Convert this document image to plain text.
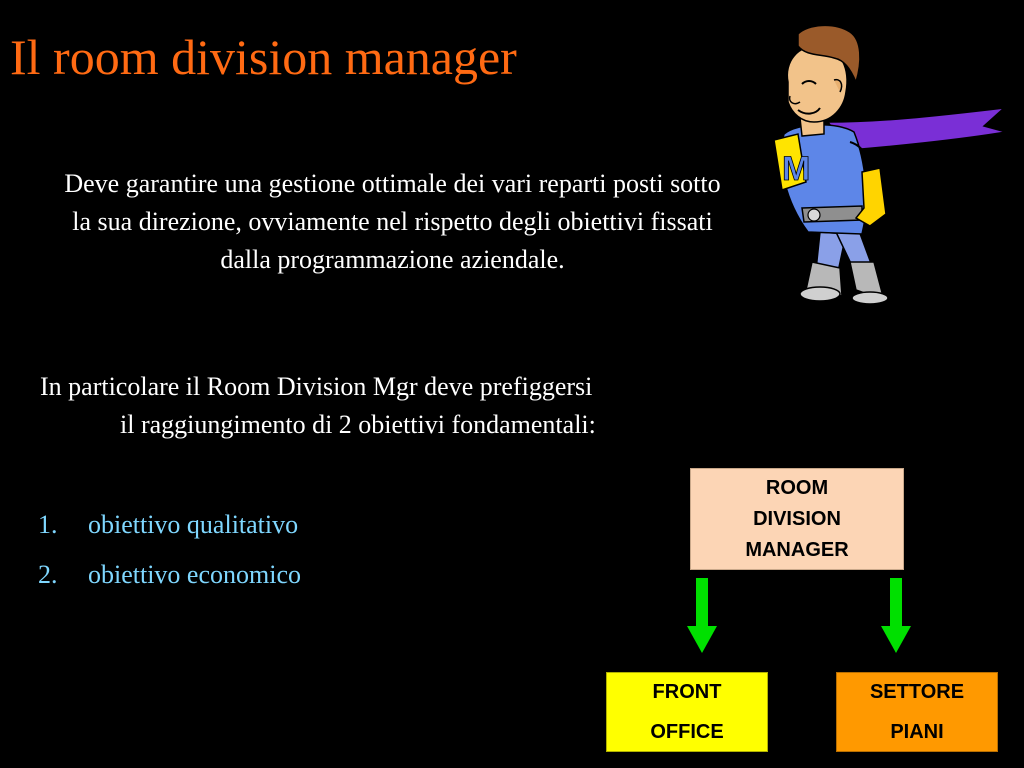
Il room division manager
Deve garantire una gestione ottimale dei vari reparti posti sotto la sua direzione, ovviamente nel rispetto degli obiettivi fissati dalla programmazione aziendale.
In particolare il Room Division Mgr deve prefiggersi
il raggiungimento di 2 obiettivi fondamentali:
1. obiettivo qualitativo
2. obiettivo economico
ROOM
DIVISION
MANAGER
FRONT
OFFICE
SETTORE
PIANI
M
